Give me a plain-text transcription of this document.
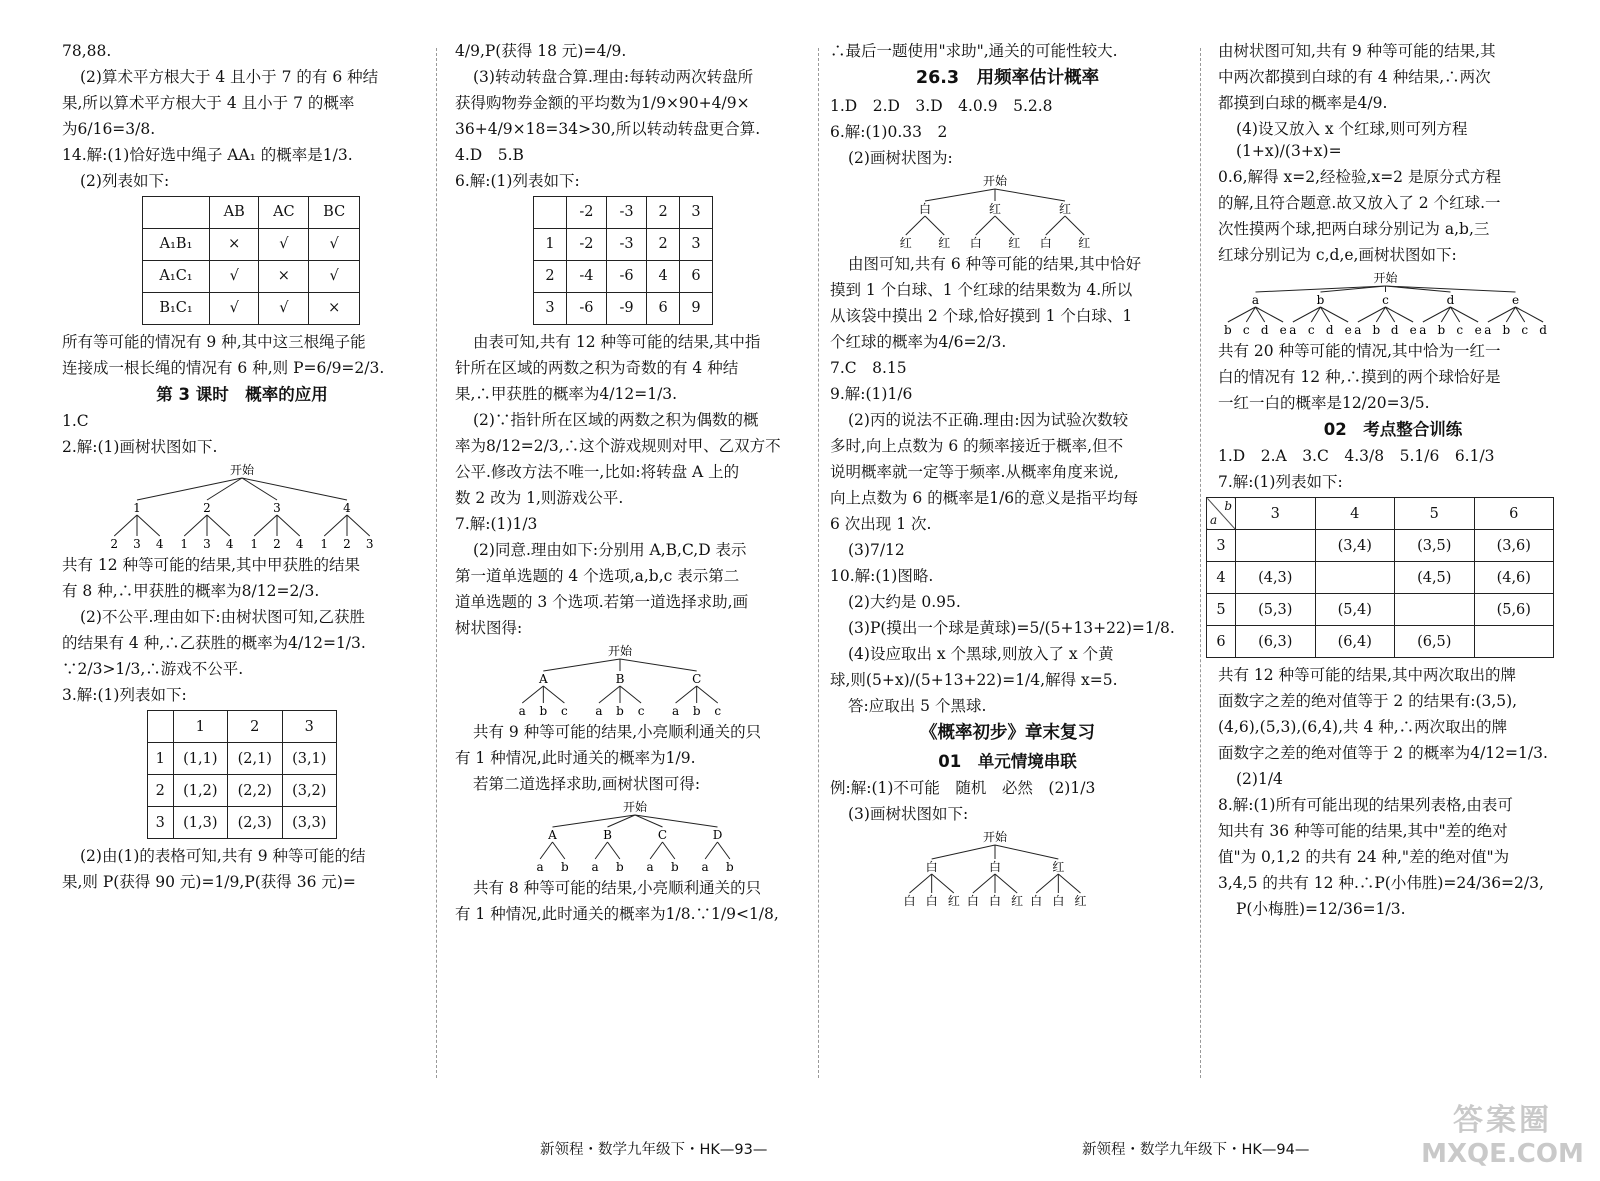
78,88.

(2)算术平方根大于 4 且小于 7 的有 6 种结

果,所以算术平方根大于 4 且小于 7 的概率

为6/16=3/8.

14.解:(1)恰好选中绳子 AA₁ 的概率是1/3.

(2)列表如下:

	AB	AC	BC
A₁B₁	×	√	√
A₁C₁	√	×	√
B₁C₁	√	√	×

所有等可能的情况有 9 种,其中这三根绳子能

连接成一根长绳的情况有 6 种,则 P=6/9=2/3.

第 3 课时　概率的应用

1.C

2.解:(1)画树状图如下.

开始
1
2 3 4
2
1 3 4
3
1 2 4
4
1 2 3

共有 12 种等可能的结果,其中甲获胜的结果

有 8 种,∴甲获胜的概率为8/12=2/3.

(2)不公平.理由如下:由树状图可知,乙获胜

的结果有 4 种,∴乙获胜的概率为4/12=1/3.

∵2/3>1/3,∴游戏不公平.

3.解:(1)列表如下:

	1	2	3
1	(1,1)	(2,1)	(3,1)
2	(1,2)	(2,2)	(3,2)
3	(1,3)	(2,3)	(3,3)

(2)由(1)的表格可知,共有 9 种等可能的结

果,则 P(获得 90 元)=1/9,P(获得 36 元)=

4/9,P(获得 18 元)=4/9.

(3)转动转盘合算.理由:每转动两次转盘所

获得购物券金额的平均数为1/9×90+4/9×

36+4/9×18=34>30,所以转动转盘更合算.

4.D　5.B

6.解:(1)列表如下:

	-2	-3	2	3
1	-2	-3	2	3
2	-4	-6	4	6
3	-6	-9	6	9

由表可知,共有 12 种等可能的结果,其中指

针所在区域的两数之积为奇数的有 4 种结

果,∴甲获胜的概率为4/12=1/3.

(2)∵指针所在区域的两数之积为偶数的概

率为8/12=2/3,∴这个游戏规则对甲、乙双方不

公平.修改方法不唯一,比如:将转盘 A 上的

数 2 改为 1,则游戏公平.

7.解:(1)1/3

(2)同意.理由如下:分别用 A,B,C,D 表示

第一道单选题的 4 个选项,a,b,c 表示第二

道单选题的 3 个选项.若第一道选择求助,画

树状图得:

开始
A
a b c
B
a b c
C
a b c

共有 9 种等可能的结果,小亮顺利通关的只

有 1 种情况,此时通关的概率为1/9.

若第二道选择求助,画树状图可得:

开始
A
a b
B
a b
C
a b
D
a b

共有 8 种等可能的结果,小亮顺利通关的只

有 1 种情况,此时通关的概率为1/8.∵1/9<1/8,

∴最后一题使用"求助",通关的可能性较大.

26.3　用频率估计概率

1.D　2.D　3.D　4.0.9　5.2.8

6.解:(1)0.33　2

(2)画树状图为:

开始
白
红 红
红
白 红
红
白 红

由图可知,共有 6 种等可能的结果,其中恰好

摸到 1 个白球、1 个红球的结果数为 4.所以

从该袋中摸出 2 个球,恰好摸到 1 个白球、1

个红球的概率为4/6=2/3.

7.C　8.15

9.解:(1)1/6

(2)丙的说法不正确.理由:因为试验次数较

多时,向上点数为 6 的频率接近于概率,但不

说明概率就一定等于频率.从概率角度来说,

向上点数为 6 的概率是1/6的意义是指平均每

6 次出现 1 次.

(3)7/12

10.解:(1)图略.

(2)大约是 0.95.

(3)P(摸出一个球是黄球)=5/(5+13+22)=1/8.

(4)设应取出 x 个黑球,则放入了 x 个黄

球,则(5+x)/(5+13+22)=1/4,解得 x=5.

答:应取出 5 个黑球.

《概率初步》章末复习

01　单元情境串联

例:解:(1)不可能　随机　必然　(2)1/3

(3)画树状图如下:

开始
白
白 白 红
白
白 白 红
红
白 白 红

由树状图可知,共有 9 种等可能的结果,其

中两次都摸到白球的有 4 种结果,∴两次

都摸到白球的概率是4/9.

(4)设又放入 x 个红球,则可列方程(1+x)/(3+x)=

0.6,解得 x=2,经检验,x=2 是原分式方程

的解,且符合题意.故又放入了 2 个红球.一

次性摸两个球,把两白球分别记为 a,b,三

红球分别记为 c,d,e,画树状图如下:

开始
a
b c d e
b
a c d e
c
a b d e
d
a b c e
e
a b c d

共有 20 种等可能的情况,其中恰为一红一

白的情况有 12 种,∴摸到的两个球恰好是

一红一白的概率是12/20=3/5.

02　考点整合训练

1.D　2.A　3.C　4.3/8　5.1/6　6.1/3

7.解:(1)列表如下:

b
a	3	4	5	6
3		(3,4)	(3,5)	(3,6)
4	(4,3)		(4,5)	(4,6)
5	(5,3)	(5,4)		(5,6)
6	(6,3)	(6,4)	(6,5)	

共有 12 种等可能的结果,其中两次取出的牌

面数字之差的绝对值等于 2 的结果有:(3,5),

(4,6),(5,3),(6,4),共 4 种,∴两次取出的牌

面数字之差的绝对值等于 2 的概率为4/12=1/3.

(2)1/4

8.解:(1)所有可能出现的结果列表格,由表可

知共有 36 种等可能的结果,其中"差的绝对

值"为 0,1,2 的共有 24 种,"差的绝对值"为

3,4,5 的共有 12 种.∴P(小伟胜)=24/36=2/3,

P(小梅胜)=12/36=1/3.

新领程・数学九年级下・HK—93—	新领程・数学九年级下・HK—94—
答案圈
MXQE.COM
